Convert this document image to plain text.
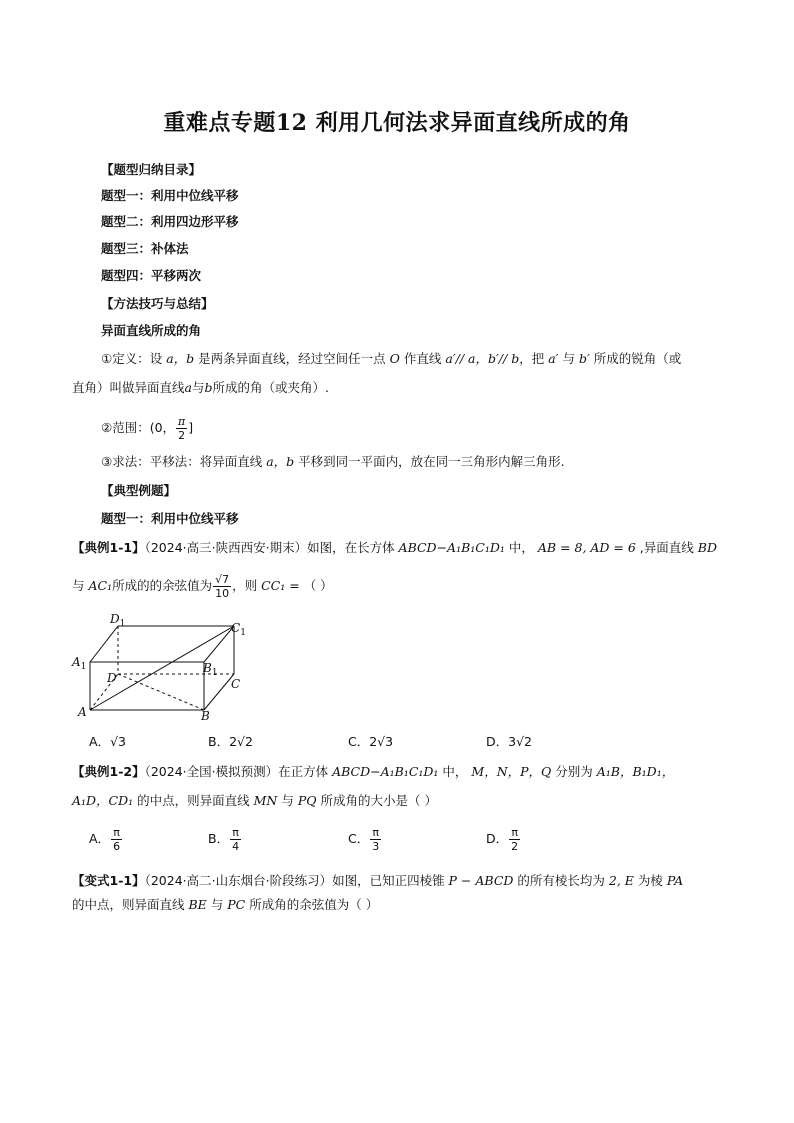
重难点专题12 利用几何法求异面直线所成的角
【题型归纳目录】
题型一：利用中位线平移
题型二：利用四边形平移
题型三：补体法
题型四：平移两次
【方法技巧与总结】
异面直线所成的角
①定义：设 a，b 是两条异面直线，经过空间任一点 O 作直线 a′// a，b′// b，把 a′ 与 b′ 所成的锐角（或
直角）叫做异面直线a与b所成的角（或夹角）.
②范围：(0， $\frac{\pi}{2}$ ]
③求法：平移法：将异面直线 a，b 平移到同一平面内，放在同一三角形内解三角形.
【典型例题】
题型一：利用中位线平移
【典例1-1】（2024·高三·陕西西安·期末）如图，在长方体 ABCD−A₁B₁C₁D₁ 中， AB = 8, AD = 6 ,异面直线 BD
与 AC₁所成的的余弦值为 $\frac{√7}{10}$ ，则 CC₁ = （ ）
$D_1$	$C_1$
$A_1$	$B_1$
D	C
A	B
A．√3	B．2√2	C．2√3	D．3√2
【典例1-2】（2024·全国·模拟预测）在正方体 ABCD−A₁B₁C₁D₁ 中， M，N，P，Q 分别为 A₁B，B₁D₁，
A₁D，CD₁ 的中点，则异面直线 MN 与 PQ 所成角的大小是（ ）
A． $\frac{\pi}{6}$	B． $\frac{\pi}{4}$	C． $\frac{\pi}{3}$	D． $\frac{\pi}{2}$
【变式1-1】（2024·高二·山东烟台·阶段练习）如图，已知正四棱锥 P − ABCD 的所有棱长均为 2, E 为棱 PA
的中点，则异面直线 BE 与 PC 所成角的余弦值为（ ）
